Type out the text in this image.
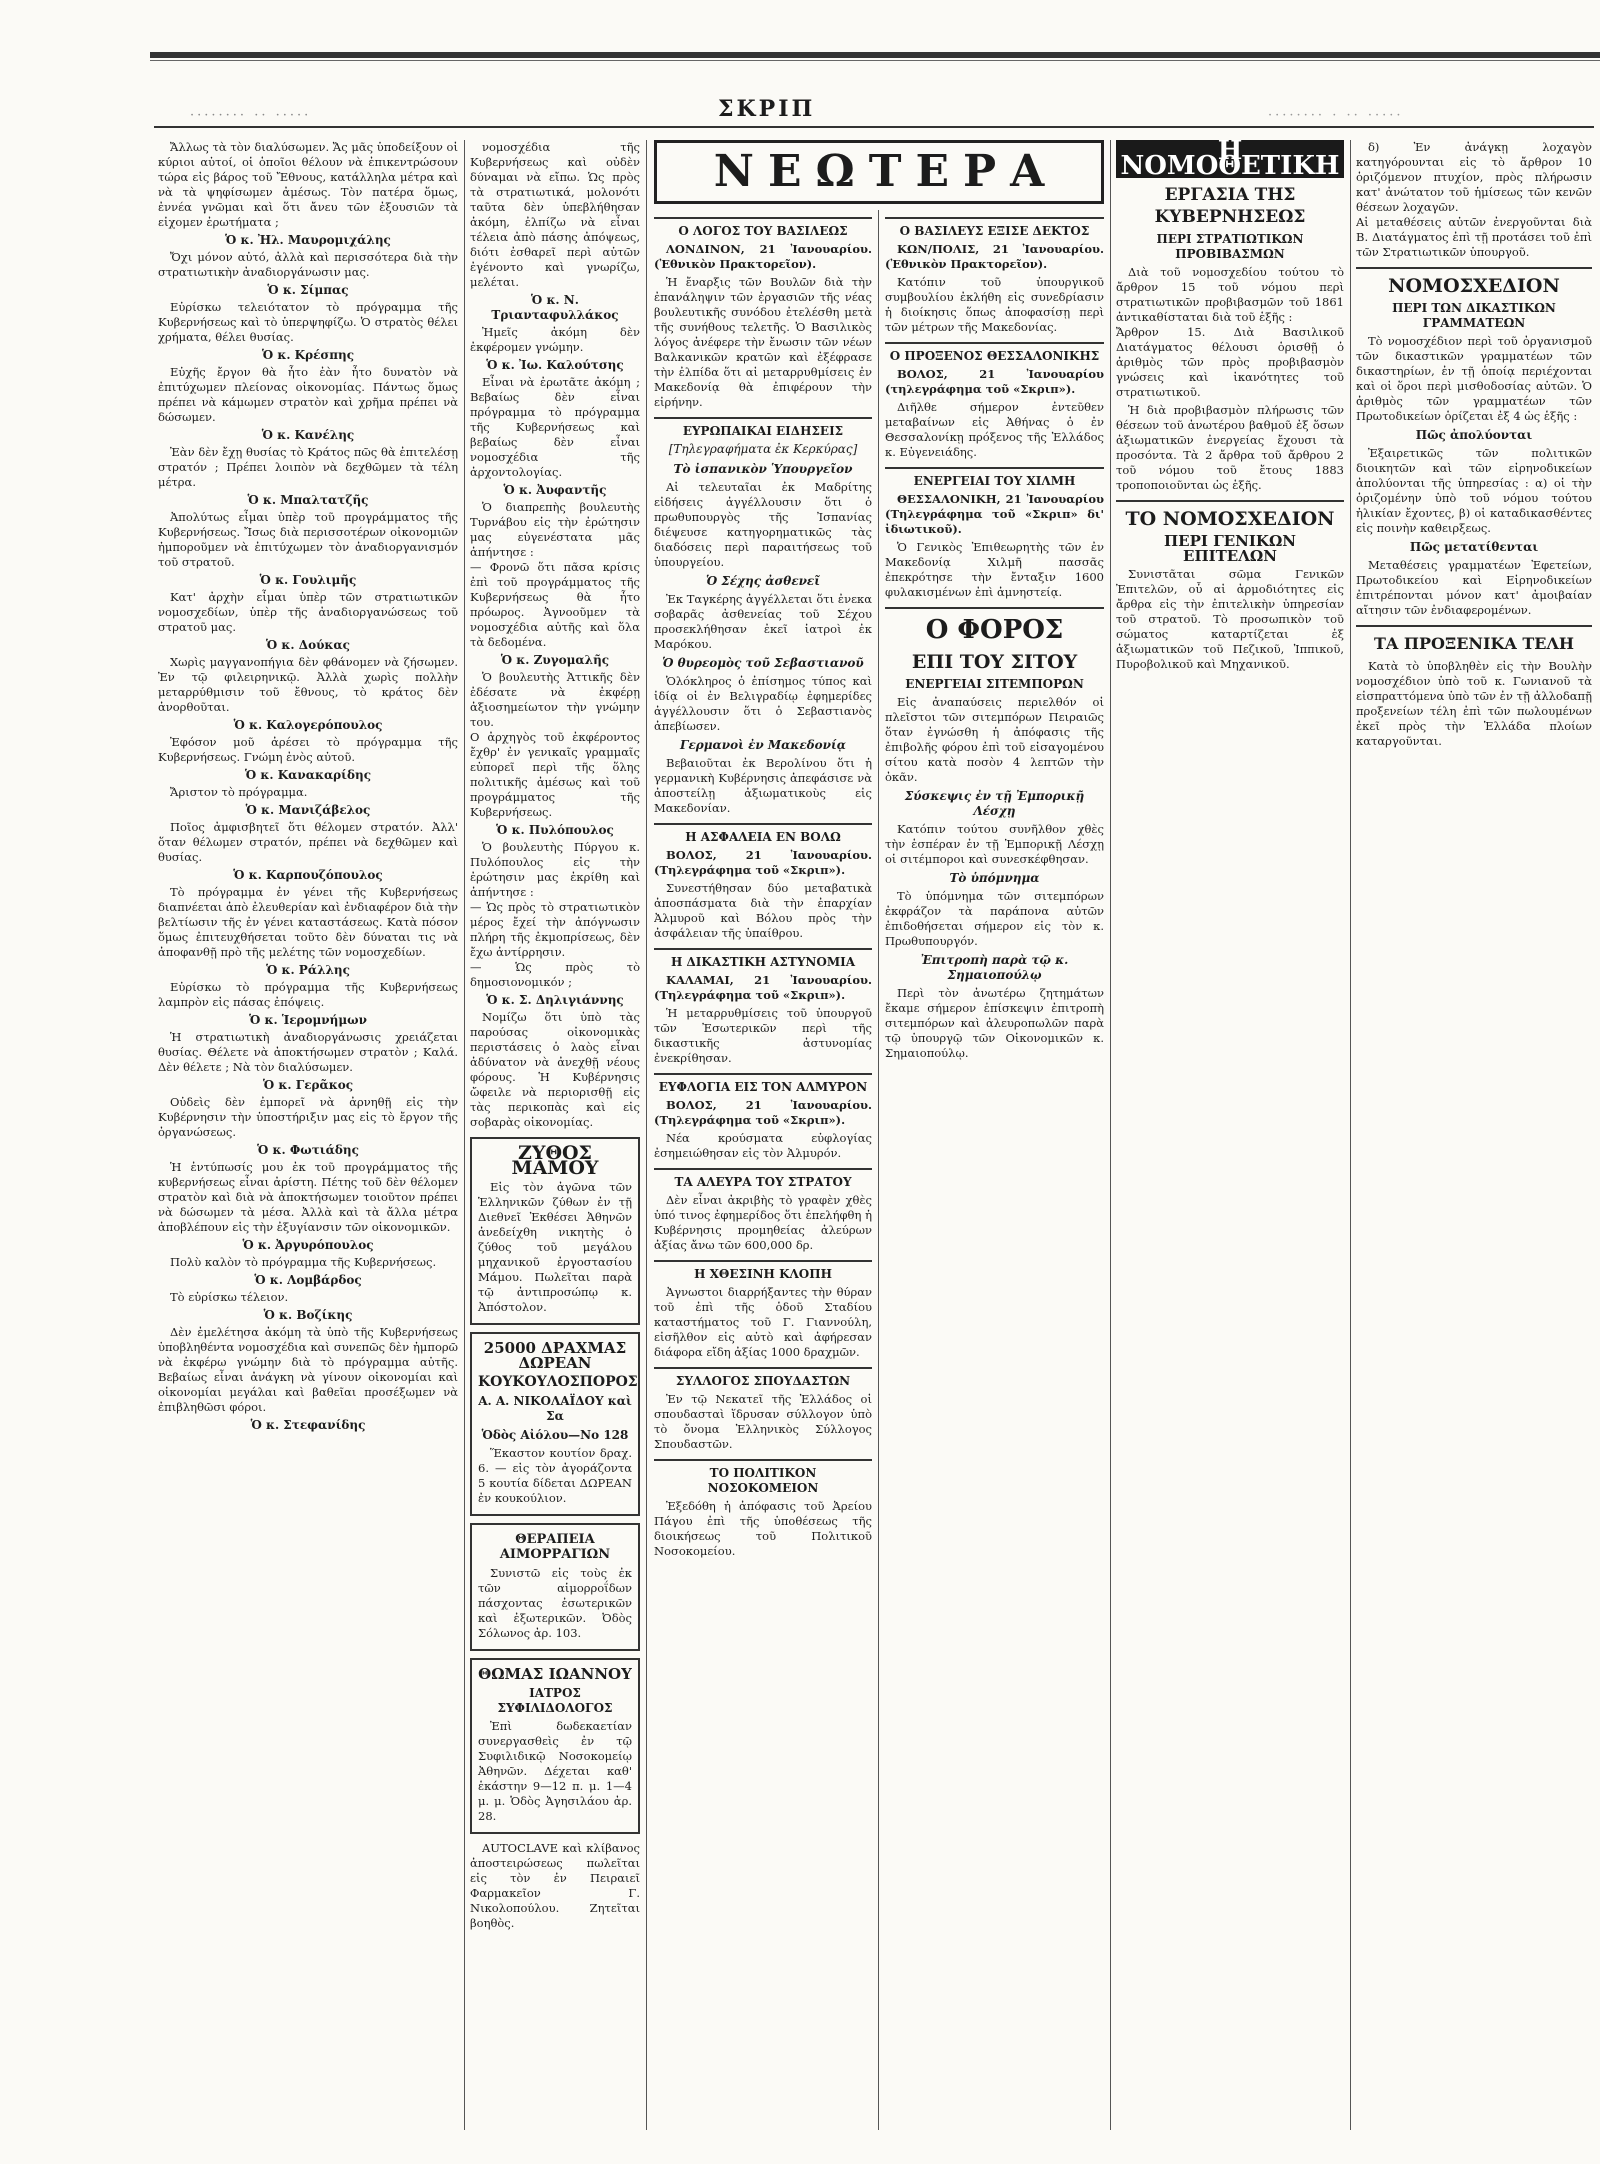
········ ·· ·····	ΣΚΡΙΠ	········ · ·· ·····

Ἄλλως τὰ τὸν διαλύσωμεν. Ἄς μᾶς ὑποδείξουν οἱ κύριοι αὐτοί, οἱ ὁποῖοι θέλουν νὰ ἐπικεντρώσουν τώρα εἰς βάρος τοῦ Ἔθνους, κατάλληλα μέτρα καὶ νὰ τὰ ψηφίσωμεν ἀμέσως. Τὸν πατέρα ὅμως, ἐννέα γνῶμαι καὶ ὅτι ἄνευ τῶν ἐξουσιῶν τὰ εἰχομεν ἐρωτήματα ;

Ὁ κ. Ἠλ. Μαυρομιχάλης

Ὄχι μόνον αὐτό, ἀλλὰ καὶ περισσότερα διὰ τὴν στρατιωτικὴν ἀναδιοργάνωσιν μας.

Ὁ κ. Σίμπας

Εὐρίσκω τελειότατον τὸ πρόγραμμα τῆς Κυβερνήσεως καὶ τὸ ὑπερψηφίζω. Ὁ στρατὸς θέλει χρήματα, θέλει θυσίας.

Ὁ κ. Κρέσπης

Εὐχῆς ἔργον θὰ ἦτο ἐὰν ἦτο δυνατὸν νὰ ἐπιτύχωμεν πλείονας οἰκονομίας. Πάντως ὅμως πρέπει νὰ κάμωμεν στρατὸν καὶ χρῆμα πρέπει νὰ δώσωμεν.

Ὁ κ. Κανέλης

Ἐὰν δὲν ἔχῃ θυσίας τὸ Κράτος πῶς θὰ ἐπιτελέσῃ στρατόν ; Πρέπει λοιπὸν νὰ δεχθῶμεν τὰ τέλη μέτρα.

Ὁ κ. Μπαλτατζῆς

Ἀπολύτως εἶμαι ὑπὲρ τοῦ προγράμματος τῆς Κυβερνήσεως. Ἴσως διὰ περισσοτέρων οἰκονομιῶν ἠμποροῦμεν νὰ ἐπιτύχωμεν τὸν ἀναδιοργανισμόν τοῦ στρατοῦ.

Ὁ κ. Γουλιμῆς

Κατ' ἀρχὴν εἶμαι ὑπὲρ τῶν στρατιωτικῶν νομοσχεδίων, ὑπὲρ τῆς ἀναδιοργανώσεως τοῦ στρατοῦ μας.

Ὁ κ. Δούκας

Χωρὶς μαγγανοπήγια δὲν φθάνομεν νὰ ζήσωμεν. Ἐν τῷ φιλειρηνικῷ. Ἀλλὰ χωρὶς πολλὴν μεταρρύθμισιν τοῦ ἔθνους, τὸ κράτος δὲν ἀνορθοῦται.

Ὁ κ. Καλογερόπουλος

Ἐφόσον μοῦ ἀρέσει τὸ πρόγραμμα τῆς Κυβερνήσεως. Γνώμη ἐνὸς αὐτοῦ.

Ὁ κ. Κανακαρίδης

Ἄριστον τὸ πρόγραμμα.

Ὁ κ. Μανιζάβελος

Ποῖος ἀμφισβητεῖ ὅτι θέλομεν στρατόν. Ἀλλ' ὅταν θέλωμεν στρατόν, πρέπει νὰ δεχθῶμεν καὶ θυσίας.

Ὁ κ. Καρπουζόπουλος

Τὸ πρόγραμμα ἐν γένει τῆς Κυβερνήσεως διαπνέεται ἀπὸ ἐλευθερίαν καὶ ἐνδιαφέρον διὰ τὴν βελτίωσιν τῆς ἐν γένει καταστάσεως. Κατὰ πόσον ὅμως ἐπιτευχθήσεται τοῦτο δὲν δύναται τις νὰ ἀποφανθῇ πρὸ τῆς μελέτης τῶν νομοσχεδίων.

Ὁ κ. Ράλλης

Εὐρίσκω τὸ πρόγραμμα τῆς Κυβερνήσεως λαμπρὸν εἰς πάσας ἐπόψεις.

Ὁ κ. Ἱερομνήμων

Ἡ στρατιωτικὴ ἀναδιοργάνωσις χρειάζεται θυσίας. Θέλετε νὰ ἀποκτήσωμεν στρατὸν ; Καλά. Δὲν θέλετε ; Νὰ τὸν διαλύσωμεν.

Ὁ κ. Γερᾶκος

Οὐδεὶς δὲν ἐμπορεῖ νὰ ἀρνηθῇ εἰς τὴν Κυβέρνησιν τὴν ὑποστήριξιν μας εἰς τὸ ἔργον τῆς ὀργανώσεως.

Ὁ κ. Φωτιάδης

Ἡ ἐντύπωσίς μου ἐκ τοῦ προγράμματος τῆς κυβερνήσεως εἶναι ἀρίστη. Πέτης τοῦ δὲν θέλομεν στρατὸν καὶ διὰ νὰ ἀποκτήσωμεν τοιοῦτον πρέπει νὰ δώσωμεν τὰ μέσα. Ἀλλὰ καὶ τὰ ἄλλα μέτρα ἀποβλέπουν εἰς τὴν ἐξυγίανσιν τῶν οἰκονομικῶν.

Ὁ κ. Ἀργυρόπουλος

Πολὺ καλὸν τὸ πρόγραμμα τῆς Κυβερνήσεως.

Ὁ κ. Λομβάρδος

Τὸ εὑρίσκω τέλειον.

Ὁ κ. Βοζίκης

Δὲν ἐμελέτησα ἀκόμη τὰ ὑπὸ τῆς Κυβερνήσεως ὑποβληθέντα νομοσχέδια καὶ συνεπῶς δὲν ἠμπορῶ νὰ ἐκφέρω γνώμην διὰ τὸ πρόγραμμα αὐτῆς. Βεβαίως εἶναι ἀνάγκη νὰ γίνουν οἰκονομίαι καὶ οἰκονομίαι μεγάλαι καὶ βαθεῖαι προσέξωμεν νὰ ἐπιβληθῶσι φόροι.

Ὁ κ. Στεφανίδης

νομοσχέδια τῆς Κυβερνήσεως καὶ οὐδὲν δύναμαι νὰ εἴπω. Ὡς πρὸς τὰ στρατιωτικά, μολονότι ταῦτα δὲν ὑπεβλήθησαν ἀκόμη, ἐλπίζω νὰ εἶναι τέλεια ἀπὸ πάσης ἀπόψεως, διότι ἐσθαρεῖ περὶ αὐτῶν ἐγένοντο καὶ γνωρίζω, μελέται.

Ὁ κ. Ν. Τριανταφυλλάκος

Ἠμεῖς ἀκόμη δὲν ἐκφέρομεν γνώμην.

Ὁ κ. Ἰω. Καλούτσης

Εἶναι νὰ ἐρωτᾶτε ἀκόμη ; Βεβαίως δὲν εἶναι πρόγραμμα τὸ πρόγραμμα τῆς Κυβερνήσεως καὶ βεβαίως δὲν εἶναι νομοσχέδια τῆς ἀρχοντολογίας.

Ὁ κ. Ἀυφαντῆς

Ὁ διαπρεπὴς βουλευτὴς Τυρνάβου εἰς τὴν ἐρώτησιν μας εὐγενέστατα μᾶς ἀπήντησε :
— Φρονῶ ὅτι πᾶσα κρίσις ἐπὶ τοῦ προγράμματος τῆς Κυβερνήσεως θὰ ἦτο πρόωρος. Ἀγνοοῦμεν τὰ νομοσχέδια αὐτῆς καὶ ὅλα τὰ δεδομένα.

Ὁ κ. Ζυγομαλῆς

Ὁ βουλευτὴς Ἀττικῆς δὲν ἐδέσατε νὰ ἐκφέρῃ ἀξιοσημείωτον τὴν γνώμην του.
Ο ἀρχηγὸς τοῦ ἐκφέροντος ἔχθρ' ἐν γενικαῖς γραμμαῖς εὐπορεῖ περὶ τῆς ὅλης πολιτικῆς ἀμέσως καὶ τοῦ προγράμματος τῆς Κυβερνήσεως.

Ὁ κ. Πυλόπουλος

Ὁ βουλευτὴς Πύργου κ. Πυλόπουλος εἰς τὴν ἐρώτησιν μας ἐκρίθη καὶ ἀπήντησε :
— Ὡς πρὸς τὸ στρατιωτικὸν μέρος ἔχεί τὴν ἀπόγνωσιν πλήρη τῆς ἐκμοπρίσεως, δὲν ἔχω ἀντίρρησιν.
— Ὡς πρὸς τὸ δημοσιονομικόν ;

Ὁ κ. Σ. Δηλιγιάννης

Νομίζω ὅτι ὑπὸ τὰς παρούσας οἰκονομικὰς περιστάσεις ὁ λαὸς εἶναι ἀδύνατον νὰ ἀνεχθῇ νέους φόρους. Ἡ Κυβέρνησις ὤφειλε νὰ περιορισθῇ εἰς τὰς περικοπὰς καὶ εἰς σοβαρὰς οἰκονομίας.

ΖΥΘΟΣ ΜΑΜΟΥ

Εἰς τὸν ἀγῶνα τῶν Ἑλληνικῶν ζύθων ἐν τῇ Διεθνεῖ Ἐκθέσει Ἀθηνῶν ἀνεδείχθη νικητὴς ὁ ζύθος τοῦ μεγάλου μηχανικοῦ ἐργοστασίου Μάμου. Πωλεῖται παρὰ τῷ ἀντιπροσώπῳ κ. Ἀπόστολον.

25000 ΔΡΑΧΜΑΣ ΔΩΡΕΑΝ
ΚΟΥΚΟΥΛΟΣΠΟΡΟΣ
Α. Α. ΝΙΚΟΛΑΪΔΟΥ καὶ Σα
Ὁδὸς Αἰόλου—Νο 128

Ἕκαστον κουτίον δραχ. 6. — εἰς τὸν ἀγοράζοντα 5 κουτία δίδεται ΔΩΡΕΑΝ ἐν κουκούλιον.

ΘΕΡΑΠΕΙΑ ΑΙΜΟΡΡΑΓΙΩΝ

Συνιστῶ εἰς τοὺς ἐκ τῶν αἱμορροΐδων πάσχοντας ἐσωτερικῶν καὶ ἐξωτερικῶν. Ὀδὸς Σόλωνος ἀρ. 103.

ΘΩΜΑΣ ΙΩΑΝΝΟΥ
ΙΑΤΡΟΣ ΣΥΦΙΛΙΔΟΛΟΓΟΣ

Ἐπὶ δωδεκαετίαν συνεργασθεὶς ἐν τῷ Συφιλιδικῷ Νοσοκομείῳ Ἀθηνῶν. Δέχεται καθ' ἑκάστην 9—12 π. μ. 1—4 μ. μ. Ὁδὸς Ἀγησιλάου ἀρ. 28.

AUTOCLAVE καὶ κλίβανος ἀποστειρώσεως πωλεῖται εἰς τὸν ἐν Πειραιεῖ Φαρμακεῖον Γ. Νικολοπούλου. Ζητεῖται βοηθὸς.

ΝΕΩΤΕΡΑ
Ο ΛΟΓΟΣ ΤΟΥ ΒΑΣΙΛΕΩΣ

ΛΟΝΔΙΝΟΝ, 21 Ἰανουαρίου. (Ἐθνικὸν Πρακτορεῖον).

Ἡ ἔναρξις τῶν Βουλῶν διὰ τὴν ἐπανάληψιν τῶν ἐργασιῶν τῆς νέας βουλευτικῆς συνόδου ἐτελέσθη μετὰ τῆς συνήθους τελετῆς. Ὁ Βασιλικὸς λόγος ἀνέφερε τὴν ἔνωσιν τῶν νέων Βαλκανικῶν κρατῶν καὶ ἐξέφρασε τὴν ἐλπίδα ὅτι αἱ μεταρρυθμίσεις ἐν Μακεδονίᾳ θὰ ἐπιφέρουν τὴν εἰρήνην.

ΕΥΡΩΠΑΙΚΑΙ ΕΙΔΗΣΕΙΣ
[Τηλεγραφήματα ἐκ Κερκύρας]
Τὸ ἰσπανικὸν Ὑπουργεῖον

Αἱ τελευταῖαι ἐκ Μαδρίτης εἰδήσεις ἀγγέλλουσιν ὅτι ὁ πρωθυπουργὸς τῆς Ἰσπανίας διέψευσε κατηγορηματικῶς τὰς διαδόσεις περὶ παραιτήσεως τοῦ ὑπουργείου.

Ὁ Σέχης ἀσθενεῖ

Ἐκ Ταγκέρης ἀγγέλλεται ὅτι ἐνεκα σοβαρᾶς ἀσθενείας τοῦ Σέχου προσεκλήθησαν ἐκεῖ ἰατροὶ ἐκ Μαρόκου.

Ὁ θυρεομὸς τοῦ Σεβαστιανοῦ

Ὁλόκληρος ὁ ἐπίσημος τύπος καὶ ἰδίᾳ οἱ ἐν Βελιγραδίῳ ἐφημερίδες ἀγγέλλουσιν ὅτι ὁ Σεβαστιανὸς ἀπεβίωσεν.

Γερμανοὶ ἐν Μακεδονίᾳ

Βεβαιοῦται ἐκ Βερολίνου ὅτι ἡ γερμανικὴ Κυβέρνησις ἀπεφάσισε νὰ ἀποστείλῃ ἀξιωματικοὺς εἰς Μακεδονίαν.

Η ΑΣΦΑΛΕΙΑ ΕΝ ΒΟΛΩ

ΒΟΛΟΣ, 21 Ἰανουαρίου. (Τηλεγράφημα τοῦ «Σκριπ»).

Συνεστήθησαν δύο μεταβατικὰ ἀποσπάσματα διὰ τὴν ἐπαρχίαν Ἀλμυροῦ καὶ Βόλου πρὸς τὴν ἀσφάλειαν τῆς ὑπαίθρου.

Η ΔΙΚΑΣΤΙΚΗ ΑΣΤΥΝΟΜΙΑ

ΚΑΛΑΜΑΙ, 21 Ἰανουαρίου. (Τηλεγράφημα τοῦ «Σκριπ»).

Ἡ μεταρρυθμίσεις τοῦ ὑπουργοῦ τῶν Ἐσωτερικῶν περὶ τῆς δικαστικῆς ἀστυνομίας ἐνεκρίθησαν.

ΕΥΦΛΟΓΙΑ ΕΙΣ ΤΟΝ ΑΛΜΥΡΟΝ

ΒΟΛΟΣ, 21 Ἰανουαρίου. (Τηλεγράφημα τοῦ «Σκριπ»).

Νέα κρούσματα εὐφλογίας ἐσημειώθησαν εἰς τὸν Ἀλμυρόν.

ΤΑ ΑΛΕΥΡΑ ΤΟΥ ΣΤΡΑΤΟΥ

Δὲν εἶναι ἀκριβὴς τὸ γραφὲν χθὲς ὑπό τινος ἐφημερίδος ὅτι ἐπελήφθη ἡ Κυβέρνησις προμηθείας ἀλεύρων ἀξίας ἄνω τῶν 600,000 δρ.

Η ΧΘΕΣΙΝΗ ΚΛΟΠΗ

Ἀγνωστοι διαρρήξαντες τὴν θύραν τοῦ ἐπὶ τῆς ὁδοῦ Σταδίου καταστήματος τοῦ Γ. Γιαννούλη, εἰσῆλθον εἰς αὐτὸ καὶ ἀφήρεσαν διάφορα εἴδη ἀξίας 1000 δραχμῶν.

ΣΥΛΛΟΓΟΣ ΣΠΟΥΔΑΣΤΩΝ

Ἐν τῷ Νεκατεῖ τῆς Ἑλλάδος οἱ σπουδασταὶ ἵδρυσαν σύλλογον ὑπὸ τὸ ὄνομα Ἑλληνικὸς Σύλλογος Σπουδαστῶν.

ΤΟ ΠΟΛΙΤΙΚΟΝ ΝΟΣΟΚΟΜΕΙΟΝ

Ἐξεδόθη ἡ ἀπόφασις τοῦ Ἀρείου Πάγου ἐπὶ τῆς ὑποθέσεως τῆς διοικήσεως τοῦ Πολιτικοῦ Νοσοκομείου.

Ο ΒΑΣΙΛΕΥΣ ΕΞΙΣΕ ΔΕΚΤΟΣ

ΚΩΝ/ΠΟΛΙΣ, 21 Ἰανουαρίου. (Ἐθνικὸν Πρακτορεῖον).

Κατόπιν τοῦ ὑπουργικοῦ συμβουλίου ἐκλήθη εἰς συνεδρίασιν ἡ διοίκησις ὅπως ἀποφασίσῃ περὶ τῶν μέτρων τῆς Μακεδονίας.

Ο ΠΡΟΞΕΝΟΣ ΘΕΣΣΑΛΟΝΙΚΗΣ

ΒΟΛΟΣ, 21 Ἰανουαρίου (τηλεγράφημα τοῦ «Σκριπ»).

Διῆλθε σήμερον ἐντεῦθεν μεταβαίνων εἰς Ἀθήνας ὁ ἐν Θεσσαλονίκῃ πρόξενος τῆς Ἑλλάδος κ. Εὐγενειάδης.

ΕΝΕΡΓΕΙΑΙ ΤΟΥ ΧΙΛΜΗ

ΘΕΣΣΑΛΟΝΙΚΗ, 21 Ἰανουαρίου (Τηλεγράφημα τοῦ «Σκριπ» δι' ἰδιωτικοῦ).

Ὁ Γενικὸς Ἐπιθεωρητὴς τῶν ἐν Μακεδονίᾳ Χιλμῆ πασσᾶς ἐπεκρότησε τὴν ἔνταξιν 1600 φυλακισμένων ἐπὶ ἀμνηστείᾳ.

Ο ΦΟΡΟΣ
ΕΠΙ ΤΟΥ ΣΙΤΟΥ
ΕΝΕΡΓΕΙΑΙ ΣΙΤΕΜΠΟΡΩΝ

Εἰς ἀναπαύσεις περιελθόν οἱ πλεῖστοι τῶν σιτεμπόρων Πειραιῶς ὅταν ἐγνώσθη ἡ ἀπόφασις τῆς ἐπιβολῆς φόρου ἐπὶ τοῦ εἰσαγομένου σίτου κατὰ ποσὸν 4 λεπτῶν τὴν ὀκᾶν.

Σύσκεψις ἐν τῇ Ἐμπορικῇ Λέσχῃ

Κατόπιν τούτου συνῆλθον χθὲς τὴν ἑσπέραν ἐν τῇ Ἐμπορικῇ Λέσχῃ οἱ σιτέμποροι καὶ συνεσκέφθησαν.

Τὸ ὑπόμνημα

Τὸ ὑπόμνημα τῶν σιτεμπόρων ἐκφράζον τὰ παράπονα αὐτῶν ἐπιδοθήσεται σήμερον εἰς τὸν κ. Πρωθυπουργόν.

Ἐπιτροπὴ παρὰ τῷ κ. Σημαιοπούλῳ

Περὶ τὸν ἀνωτέρω ζητημάτων ἔκαμε σήμερον ἐπίσκεψιν ἐπιτροπὴ σιτεμπόρων καὶ ἀλευροπωλῶν παρὰ τῷ ὑπουργῷ τῶν Οἰκονομικῶν κ. Σημαιοπούλῳ.

Η ΝΟΜΟΘΕΤΙΚΗ
ΕΡΓΑΣΙΑ ΤΗΣ ΚΥΒΕΡΝΗΣΕΩΣ
ΠΕΡΙ ΣΤΡΑΤΙΩΤΙΚΩΝ ΠΡΟΒΙΒΑΣΜΩΝ

Διὰ τοῦ νομοσχεδίου τούτου τὸ ἄρθρον 15 τοῦ νόμου περὶ στρατιωτικῶν προβιβασμῶν τοῦ 1861 ἀντικαθίσταται διὰ τοῦ ἑξῆς :
Ἄρθρον 15. Διὰ Βασιλικοῦ Διατάγματος θέλουσι ὁρισθῇ ὁ ἀριθμὸς τῶν πρὸς προβιβασμὸν γνώσεις καὶ ἱκανότητες τοῦ στρατιωτικοῦ.

Ἡ διὰ προβιβασμὸν πλήρωσις τῶν θέσεων τοῦ ἀνωτέρου βαθμοῦ ἐξ ὅσων ἀξιωματικῶν ἐνεργείας ἔχουσι τὰ προσόντα. Τὰ 2 ἄρθρα τοῦ ἄρθρου 2 τοῦ νόμου τοῦ ἔτους 1883 τροποποιοῦνται ὡς ἑξῆς.

ΤΟ ΝΟΜΟΣΧΕΔΙΟΝ
ΠΕΡΙ ΓΕΝΙΚΩΝ ΕΠΙΤΕΛΩΝ

Συνιστᾶται σῶμα Γενικῶν Ἐπιτελῶν, οὗ αἱ ἀρμοδιότητες εἰς ἄρθρα εἰς τὴν ἐπιτελικὴν ὑπηρεσίαν τοῦ στρατοῦ. Τὸ προσωπικὸν τοῦ σώματος καταρτίζεται ἐξ ἀξιωματικῶν τοῦ Πεζικοῦ, Ἱππικοῦ, Πυροβολικοῦ καὶ Μηχανικοῦ.

δ) Ἐν ἀνάγκῃ λοχαγὸν κατηγόρουνται εἰς τὸ ἄρθρον 10 ὁριζόμενον πτυχίον, πρὸς πλήρωσιν κατ' ἀνώτατον τοῦ ἡμίσεως τῶν κενῶν θέσεων λοχαγῶν.
Αἱ μεταθέσεις αὐτῶν ἐνεργοῦνται διὰ Β. Διατάγματος ἐπὶ τῇ προτάσει τοῦ ἐπὶ τῶν Στρατιωτικῶν ὑπουργοῦ.

ΝΟΜΟΣΧΕΔΙΟΝ
ΠΕΡΙ ΤΩΝ ΔΙΚΑΣΤΙΚΩΝ ΓΡΑΜΜΑΤΕΩΝ

Τὸ νομοσχέδιον περὶ τοῦ ὀργανισμοῦ τῶν δικαστικῶν γραμματέων τῶν δικαστηρίων, ἐν τῇ ὁποίᾳ περιέχονται καὶ οἱ ὅροι περὶ μισθοδοσίας αὐτῶν. Ὁ ἀριθμὸς τῶν γραμματέων τῶν Πρωτοδικείων ὁρίζεται ἐξ 4 ὡς ἑξῆς :

Πῶς ἀπολύονται

Ἐξαιρετικῶς τῶν πολιτικῶν διοικητῶν καὶ τῶν εἰρηνοδικείων ἀπολύονται τῆς ὑπηρεσίας : α) οἱ τὴν ὁριζομένην ὑπὸ τοῦ νόμου τούτου ἡλικίαν ἔχοντες, β) οἱ καταδικασθέντες εἰς ποινὴν καθειρξεως.

Πῶς μετατίθενται

Μεταθέσεις γραμματέων Ἐφετείων, Πρωτοδικείου καὶ Εἰρηνοδικείων ἐπιτρέπονται μόνον κατ' ἀμοιβαίαν αἴτησιν τῶν ἐνδιαφερομένων.

ΤΑ ΠΡΟΞΕΝΙΚΑ ΤΕΛΗ

Κατὰ τὸ ὑποβληθὲν εἰς τὴν Βουλὴν νομοσχέδιον ὑπὸ τοῦ κ. Γωνιανοῦ τὰ εἰσπραττόμενα ὑπὸ τῶν ἐν τῇ ἀλλοδαπῇ προξενείων τέλη ἐπὶ τῶν πωλουμένων ἐκεῖ πρὸς τὴν Ἑλλάδα πλοίων καταργοῦνται.
